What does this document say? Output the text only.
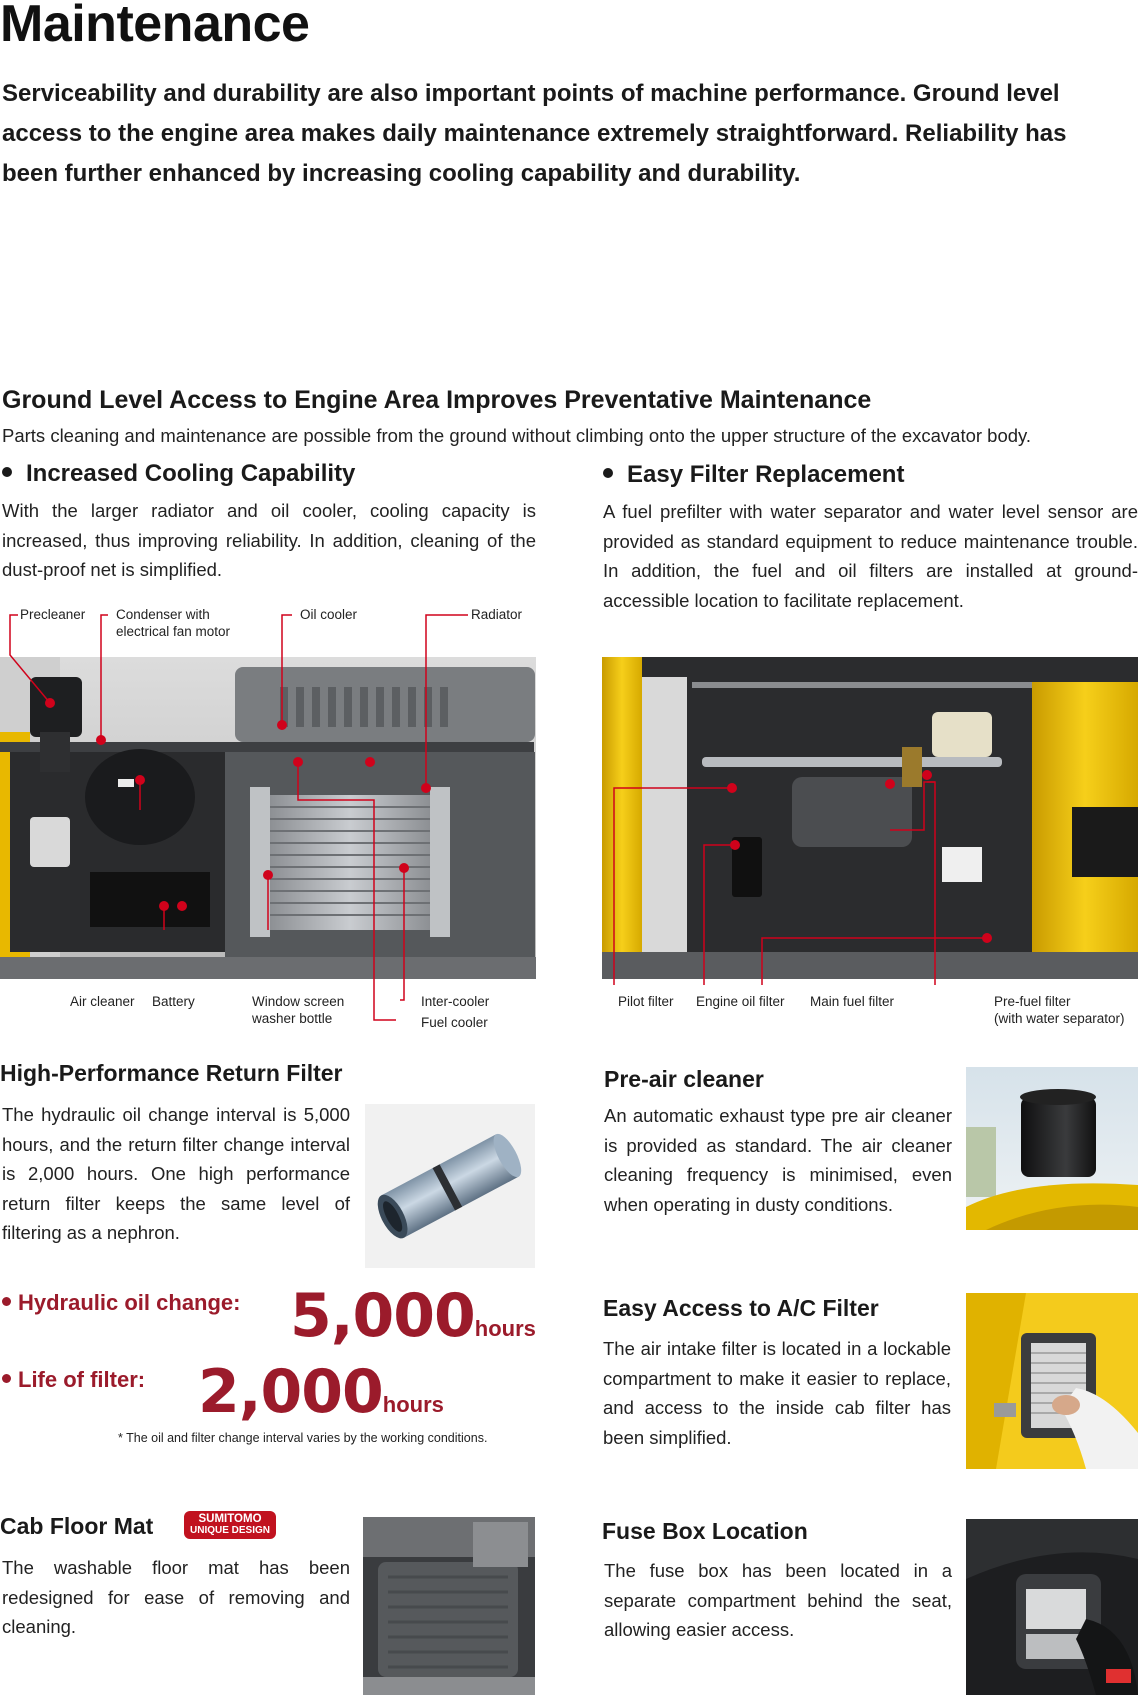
Maintenance
Serviceability and durability are also important points of machine performance. Ground level access to the engine area makes daily maintenance extremely straightforward. Reliability has been further enhanced by increasing cooling capability and durability.
Ground Level Access to Engine Area Improves Preventative Maintenance
Parts cleaning and maintenance are possible from the ground without climbing onto the upper structure of the excavator body.
Increased Cooling Capability
With the larger radiator and oil cooler, cooling capacity is increased, thus improving reliability. In addition, cleaning of the dust-proof net is simplified.
Precleaner Condenser with
electrical fan motor
Oil cooler	Radiator
Air cleaner Battery	Window screen
washer bottle
Inter-cooler
Fuel cooler
Easy Filter Replacement
A fuel prefilter with water separator and water level sensor are provided as standard equipment to reduce maintenance trouble. In addition, the fuel and oil filters are installed at ground-accessible location to facilitate replacement.
Pilot filter Engine oil filter Main fuel filter	Pre-fuel filter
(with water separator)
High-Performance Return Filter
The hydraulic oil change interval is 5,000 hours, and the return filter change interval is 2,000 hours. One high performance return filter keeps the same level of filtering as a nephron.
Hydraulic oil change: 5,000hours
Life of filter: 2,000hours
* The oil and filter change interval varies by the working conditions.
Pre-air cleaner
An automatic exhaust type pre air cleaner is provided as standard. The air cleaner cleaning frequency is minimised, even when operating in dusty conditions.
Easy Access to A/C Filter
The air intake filter is located in a lockable compartment to make it easier to replace, and access to the inside cab filter has been simplified.
Cab Floor Mat	SUMITOMO
UNIQUE DESIGN
The washable floor mat has been redesigned for ease of removing and cleaning.
Fuse Box Location
The fuse box has been located in a separate compartment behind the seat, allowing easier access.
